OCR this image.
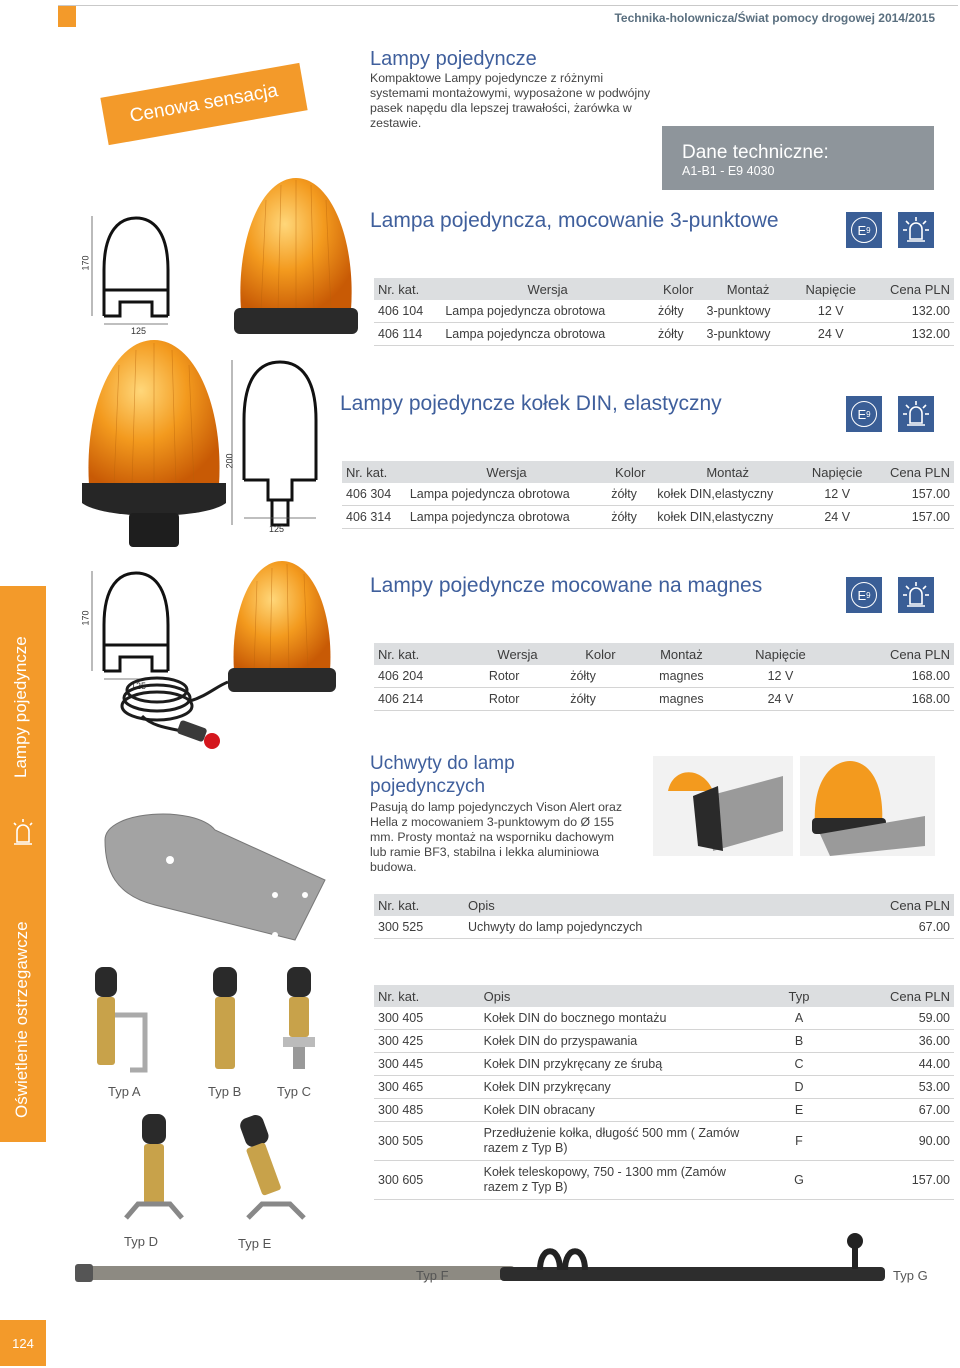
Technika-holownicza/Świat pomocy drogowej 2014/2015
Cenowa sensacja
Lampy pojedyncze
Kompaktowe Lampy pojedyncze z różnymi systemami montażowymi, wyposażone w podwójny pasek napędu dla lepszej trawałości, żarówka w zestawie.
Dane techniczne:
A1-B1 - E9 4030
Lampa pojedyncza, mocowanie 3-punktowe	E 9
170
125
Nr. kat.	Wersja	Kolor	Montaż	Napięcie	Cena PLN
406 104	Lampa pojedyncza obrotowa	żółty	3-punktowy	12 V	132.00
406 114	Lampa pojedyncza obrotowa	żółty	3-punktowy	24 V	132.00
Lampy pojedyncze kołek DIN, elastyczny	E 9
200
125
Nr. kat.	Wersja	Kolor	Montaż	Napięcie	Cena PLN
406 304	Lampa pojedyncza obrotowa	żółty	kołek DIN,elastyczny	12 V	157.00
406 314	Lampa pojedyncza obrotowa	żółty	kołek DIN,elastyczny	24 V	157.00
Lampy pojedyncze mocowane na magnes	E 9
170
125
Nr. kat.	Wersja	Kolor	Montaż	Napięcie	Cena PLN
406 204	Rotor	żółty	magnes	12 V	168.00
406 214	Rotor	żółty	magnes	24 V	168.00
Uchwyty do lamp pojedynczych
Pasują do lamp pojedynczych Vison Alert oraz Hella z mocowaniem 3-punktowym do Ø 155 mm. Prosty montaż na wsporniku dachowym lub ramie BF3, stabilna i lekka aluminiowa budowa.
Nr. kat.	Opis	Cena PLN
300 525	Uchwyty do lamp pojedynczych	67.00
Nr. kat.	Opis	Typ	Cena PLN
300 405	Kołek DIN do bocznego montażu	A	59.00
300 425	Kołek DIN do przyspawania	B	36.00
300 445	Kołek DIN przykręcany ze śrubą	C	44.00
300 465	Kołek DIN przykręcany	D	53.00
300 485	Kołek DIN obracany	E	67.00
300 505	Przedłużenie kołka, długość 500 mm ( Zamów razem z Typ B)	F	90.00
300 605	Kołek teleskopowy, 750 - 1300 mm (Zamów razem z Typ B)	G	157.00
Typ A	Typ B	Typ C
Typ D	Typ E
Typ F	Typ G
Lampy pojedyncze
Oświetlenie ostrzegawcze
124
